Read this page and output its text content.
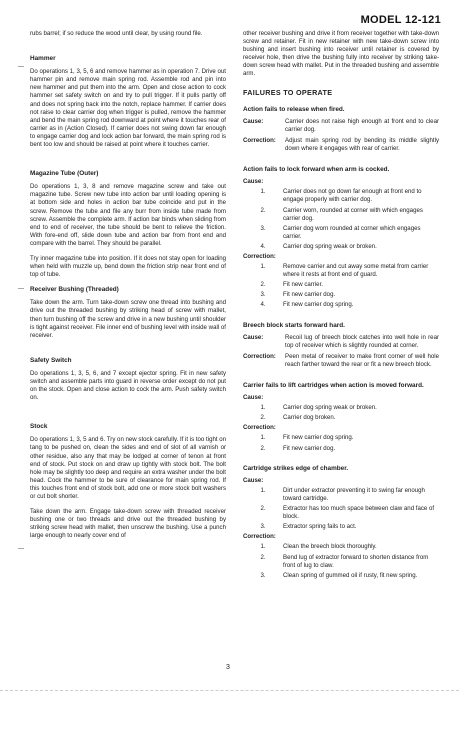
MODEL 12-121
rubs barrel; if so reduce the wood until clear, by using round file.
Hammer
Do operations 1, 3, 5, 6 and remove hammer as in operation 7. Drive out hammer pin and remove main spring rod. Assemble rod and pin into new hammer and put them into the arm. Open and close action to cock hammer set safety switch on and try to pull trigger. If it pulls partly off and does not spring back into the notch, replace hammer. If carrier does not raise to clear carrier dog when trigger is pulled, remove the hammer and bend the main spring rod downward at point where it touches rear of carrier as in (Action Closed). If carrier does not swing down far enough to engage carrier dog and lock action bar forward, the main spring rod is bent too low and should be raised at point where it touches carrier.
Magazine Tube (Outer)
Do operations 1, 3, 8 and remove magazine screw and take out magazine tube. Screw new tube into action bar until loading opening is at bottom side and holes in action bar tube coincide and put in the screw. Remove the tube and file any burr from inside tube made from screw. Assemble the complete arm. If action bar binds when sliding from end to end of receiver, the tube should be bent to relieve the friction. With fore-end off, slide down tube and action bar from front end and compare with the barrel. They should be parallel.
Try inner magazine tube into position. If it does not stay open for loading when held with muzzle up, bend down the friction strip near front end of top of tube.
Receiver Bushing (Threaded)
Take down the arm. Turn take-down screw one thread into bushing and drive out the threaded bushing by striking head of screw with mallet, then turn bushing off the screw and drive in a new bushing until shoulder is tight against receiver. File inner end of bushing level with inside wall of receiver.
Safety Switch
Do operations 1, 3, 5, 6, and 7 except ejector spring. Fit in new safety switch and assemble parts into guard in reverse order except do not put on the stock. Open and close action to cock the arm. Push safety switch on.
Stock
Do operations 1, 3, 5 and 6. Try on new stock carefully. If it is too tight on tang to be pushed on, clean the sides and end of slot of all varnish or other residue, also any that may be lodged at corner of tenon at front end of stock. Put stock on and draw up tightly with stock bolt. The bolt hole may be slightly too deep and require an extra washer under the bolt head. Cock the hammer to be sure of clearance for main spring rod. If this touches front end of stock bolt, add one or more stock bolt washers or cut bolt shorter.
Take down the arm. Engage take-down screw with threaded receiver bushing one or two threads and drive out the threaded bushing by striking screw head with mallet, then unscrew the bushing. Use a punch large enough to nearly cover end of
other receiver bushing and drive it from receiver together with take-down screw and retainer. Fit in new retainer with new take-down screw into bushing and insert bushing into receiver until retainer is covered by receiver hole, then drive the bushing fully into receiver by striking take-down screw head with mallet. Put in the threaded bushing and assemble arm.
FAILURES TO OPERATE
Action fails to release when fired.
Cause:	Carrier does not raise high enough at front end to clear carrier dog.
Correction:	Adjust main spring rod by bending its middle slightly down where it engages with rear of carrier.
Action fails to lock forward when arm is cocked.
Cause:
1.	Carrier does not go down far enough at front end to engage properly with carrier dog.
2.	Carrier worn, rounded at corner with which engages carrier dog.
3.	Carrier dog worn rounded at corner which engages carrier.
4.	Carrier dog spring weak or broken.
Correction:
1.	Remove carrier and cut away some metal from carrier where it rests at front end of guard.
2.	Fit new carrier.
3.	Fit new carrier dog.
4.	Fit new carrier dog spring.
Breech block starts forward hard.
Cause:	Recoil lug of breech block catches into well hole in rear top of receiver which is slightly rounded at corner.
Correction:	Peen metal of receiver to make front corner of well hole reach farther toward the rear or fit a new breech block.
Carrier fails to lift cartridges when action is moved forward.
Cause:
1.	Carrier dog spring weak or broken.
2.	Carrier dog broken.
Correction:
1.	Fit new carrier dog spring.
2.	Fit new carrier dog.
Cartridge strikes edge of chamber.
Cause:
1.	Dirt under extractor preventing it to swing far enough toward cartridge.
2.	Extractor has too much space between claw and face of block.
3.	Extractor spring fails to act.
Correction:
1.	Clean the breech block thoroughly.
2.	Bend lug of extractor forward to shorten distance from front of lug to claw.
3.	Clean spring of gummed oil if rusty, fit new spring.
3
